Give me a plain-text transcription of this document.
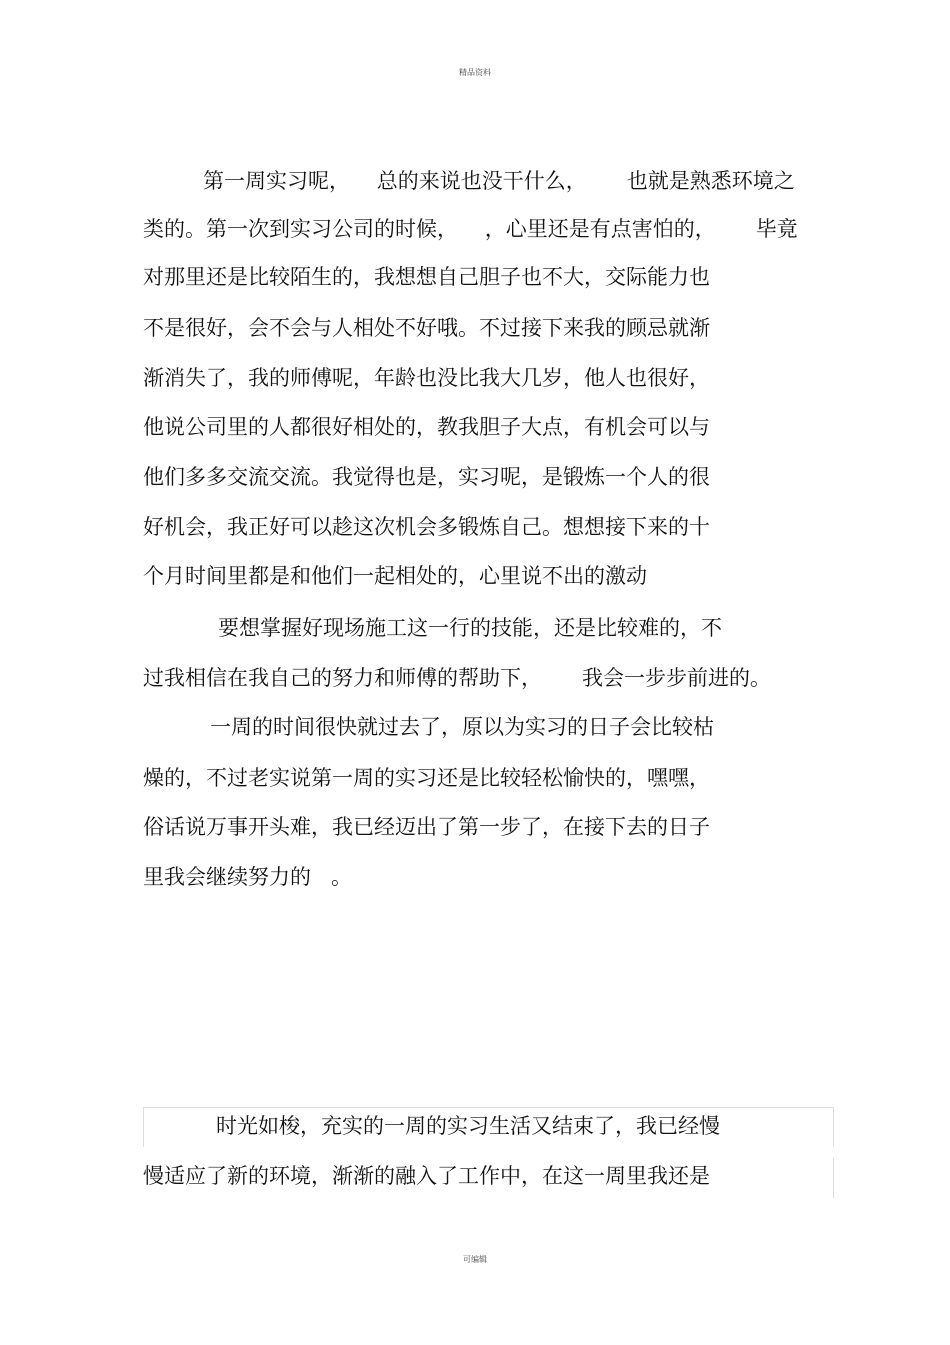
精品资料
第一周实习呢，    总的来说也没干什么，      也就是熟悉环境之
类的。第一次到实习公司的时候，    ，心里还是有点害怕的，      毕竟
对那里还是比较陌生的，我想想自己胆子也不大，交际能力也
不是很好，会不会与人相处不好哦。不过接下来我的顾忌就渐
渐消失了，我的师傅呢，年龄也没比我大几岁，他人也很好，
他说公司里的人都很好相处的，教我胆子大点，有机会可以与
他们多多交流交流。我觉得也是，实习呢，是锻炼一个人的很
好机会，我正好可以趁这次机会多锻炼自己。想想接下来的十
个月时间里都是和他们一起相处的，心里说不出的激动
要想掌握好现场施工这一行的技能，还是比较难的，不
过我相信在我自己的努力和师傅的帮助下，      我会一步步前进的。
一周的时间很快就过去了，原以为实习的日子会比较枯
燥的，不过老实说第一周的实习还是比较轻松愉快的，嘿嘿，
俗话说万事开头难，我已经迈出了第一步了，在接下去的日子
里我会继续努力的   。
时光如梭，充实的一周的实习生活又结束了，我已经慢
慢适应了新的环境，渐渐的融入了工作中，在这一周里我还是
可编辑
